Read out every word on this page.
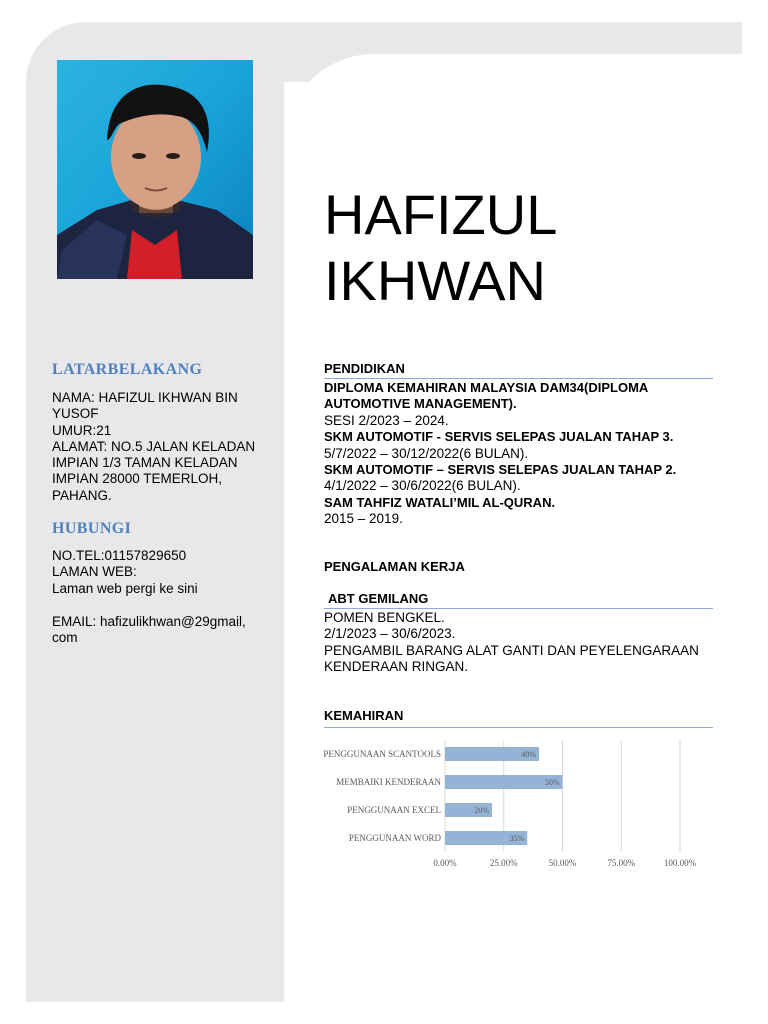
HAFIZUL
IKHWAN
LATARBELAKANG
NAMA: HAFIZUL IKHWAN BIN
YUSOF
UMUR:21
ALAMAT: NO.5 JALAN KELADAN
IMPIAN 1/3 TAMAN KELADAN
IMPIAN 28000 TEMERLOH,
PAHANG.
HUBUNGI
NO.TEL:01157829650
LAMAN WEB:
Laman web pergi ke sini
EMAIL: hafizulikhwan@29gmail,
com
PENDIDIKAN
DIPLOMA KEMAHIRAN MALAYSIA DAM34(DIPLOMA AUTOMOTIVE MANAGEMENT).
SESI 2/2023 – 2024.
SKM AUTOMOTIF - SERVIS SELEPAS JUALAN TAHAP 3.
5/7/2022 – 30/12/2022(6 BULAN).
SKM AUTOMOTIF – SERVIS SELEPAS JUALAN TAHAP 2.
4/1/2022 – 30/6/2022(6 BULAN).
SAM TAHFIZ WATALI’MIL AL-QURAN.
2015 – 2019.
PENGALAMAN KERJA
ABT GEMILANG
POMEN BENGKEL.
2/1/2023 – 30/6/2023.
PENGAMBIL BARANG ALAT GANTI DAN PEYELENGARAAN KENDERAAN RINGAN.
KEMAHIRAN
0.00%	25.00%	50.00%	75.00%	100.00%
PENGGUNAAN SCANTOOLS	40%
MEMBAIKI KENDERAAN	50%
PENGGUNAAN EXCEL	20%
PENGGUNAAN WORD	35%
